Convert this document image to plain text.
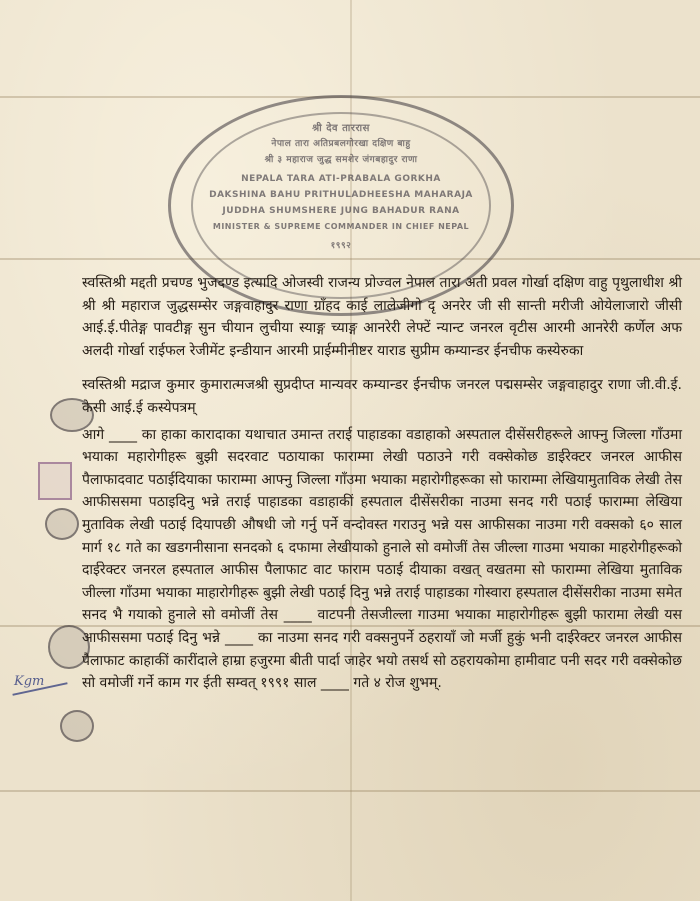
श्री देव ताररास
नेपाल तारा अतिप्रबलगोरखा दक्षिण बाहु
श्री ३ महाराज जुद्ध समशेर जंगबहादुर राणा
NEPALA TARA ATI-PRABALA GORKHA
DAKSHINA BAHU PRITHULADHEESHA MAHARAJA
JUDDHA SHUMSHERE JUNG BAHADUR RANA
MINISTER & SUPREME COMMANDER IN CHIEF NEPAL
१९९२
Kgm

स्वस्तिश्री मद्दती प्रचण्ड भुजदण्ड इत्यादि ओजस्वी राजन्य प्रोज्वल नेपाल तारा अती प्रवल गोर्खा दक्षिण वाहु पृथुलाधीश श्री श्री श्री महाराज जुद्धसम्सेर जङ्गवाहादुर राणा ग्राँहद काई लालेजीगो दृ अनरेर जी सी सान्ती मरीजी ओयेलाजारो जीसी आई.ई.पीतेङ्ग पावटीङ्ग सुन चीयान लुचीया स्याङ्ग च्याङ्ग आनरेरी लेफ्टें न्यान्ट जनरल वृटीस आरमी आनरेरी कर्णेल अफ अलदी गोर्खा राईफल रेजीमेंट इन्डीयान आरमी प्राईम्मीनीष्टर याराड सुप्रीम कम्यान्डर ईनचीफ कस्येरुका

स्वस्तिश्री मद्राज कुमार कुमारात्मजश्री सुप्रदीप्त मान्यवर कम्यान्डर ईनचीफ जनरल पद्मसम्सेर जङ्गवाहादुर राणा जी.वी.ई. केसी आई.ई कस्येपत्रम्

आगे ____ का हाका कारादाका यथाचात उमान्त तराई पाहाडका वडाहाको अस्पताल दीसेंसरीहरूले आफ्नु जिल्ला गाँउमा भयाका महारोगीहरू बुझी सदरवाट पठायाका फाराम्मा लेखी पठाउने गरी वक्सेकोछ डाईरेक्टर जनरल आफीस पैलाफादवाट पठाईदियाका फाराम्मा आफ्नु जिल्ला गाँउमा भयाका महारोगीहरूका सो फाराम्मा लेखियामुताविक लेखी तेस आफीससमा पठाइदिनु भन्ने तराई पाहाडका वडाहाकीं हस्पताल दीसेंसरीका नाउमा सनद गरी पठाई फाराम्मा लेखिया मुताविक लेखी पठाई दियापछी औषधी जो गर्नु पर्ने वन्दोवस्त गराउनु भन्ने यस आफीसका नाउमा गरी वक्सको ६० साल मार्ग १८ गते का खडगनीसाना सनदको ६ दफामा लेखीयाको हुनाले सो वमोजीं तेस जील्ला गाउमा भयाका माहरोगीहरूको दाईरेक्टर जनरल हस्पताल आफीस पैलाफाट वाट फाराम पठाई दीयाका वखत् वखतमा सो फाराम्मा लेखिया मुताविक जील्ला गाँउमा भयाका माहारोगीहरू बुझी लेखी पठाई दिनु भन्ने तराई पाहाडका गोस्वारा हस्पताल दीसेंसरीका नाउमा समेत सनद भै गयाको हुनाले सो वमोजीं तेस ____ वाटपनी तेसजील्ला गाउमा भयाका माहारोगीहरू बुझी फारामा लेखी यस आफीससमा पठाई दिनु भन्ने ____ का नाउमा सनद गरी वक्सनुपर्ने ठहरायाँ जो मर्जी हुकुं भनी दाईरेक्टर जनरल आफीस पैलाफाट काहाकीं कारींदाले हाम्रा हजुरमा बीती पार्दा जाहेर भयो तसर्थ सो ठहरायकोमा हामीवाट पनी सदर गरी वक्सेकोछ सो वमोजीं गर्ने काम गर ईती सम्वत् १९९१ साल ____ गते ४ रोज शुभम्.
